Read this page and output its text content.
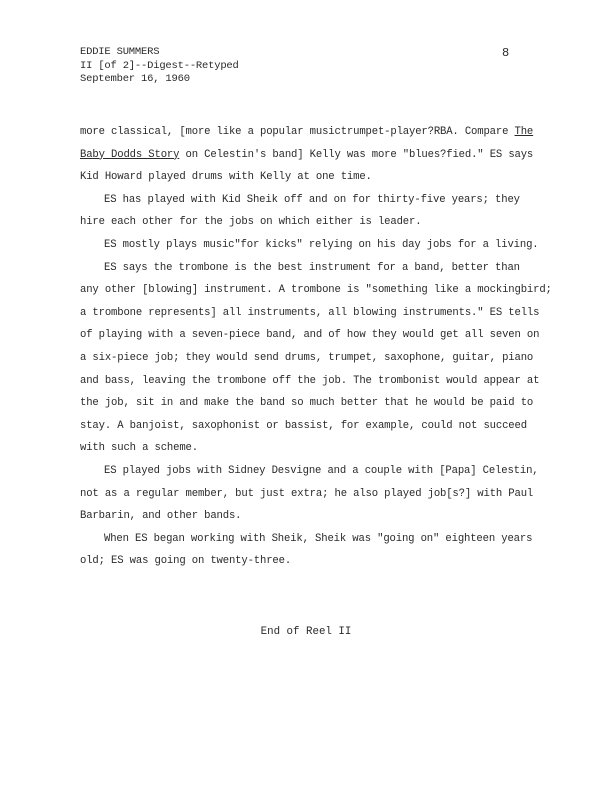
EDDIE SUMMERS
II [of 2]--Digest--Retyped
September 16, 1960
8
more classical, [more like a popular musictrumpet-player?RBA. Compare The
Baby Dodds Story on Celestin's band] Kelly was more "blues?fied." ES says
Kid Howard played drums with Kelly at one time.
ES has played with Kid Sheik off and on for thirty-five years; they
hire each other for the jobs on which either is leader.
ES mostly plays music"for kicks" relying on his day jobs for a living.
ES says the trombone is the best instrument for a band, better than
any other [blowing] instrument. A trombone is "something like a mockingbird;
a trombone represents] all instruments, all blowing instruments." ES tells
of playing with a seven-piece band, and of how they would get all seven on
a six-piece job; they would send drums, trumpet, saxophone, guitar, piano
and bass, leaving the trombone off the job. The trombonist would appear at
the job, sit in and make the band so much better that he would be paid to
stay. A banjoist, saxophonist or bassist, for example, could not succeed
with such a scheme.
ES played jobs with Sidney Desvigne and a couple with [Papa] Celestin,
not as a regular member, but just extra; he also played job[s?] with Paul
Barbarin, and other bands.
When ES began working with Sheik, Sheik was "going on" eighteen years
old; ES was going on twenty-three.
End of Reel II
